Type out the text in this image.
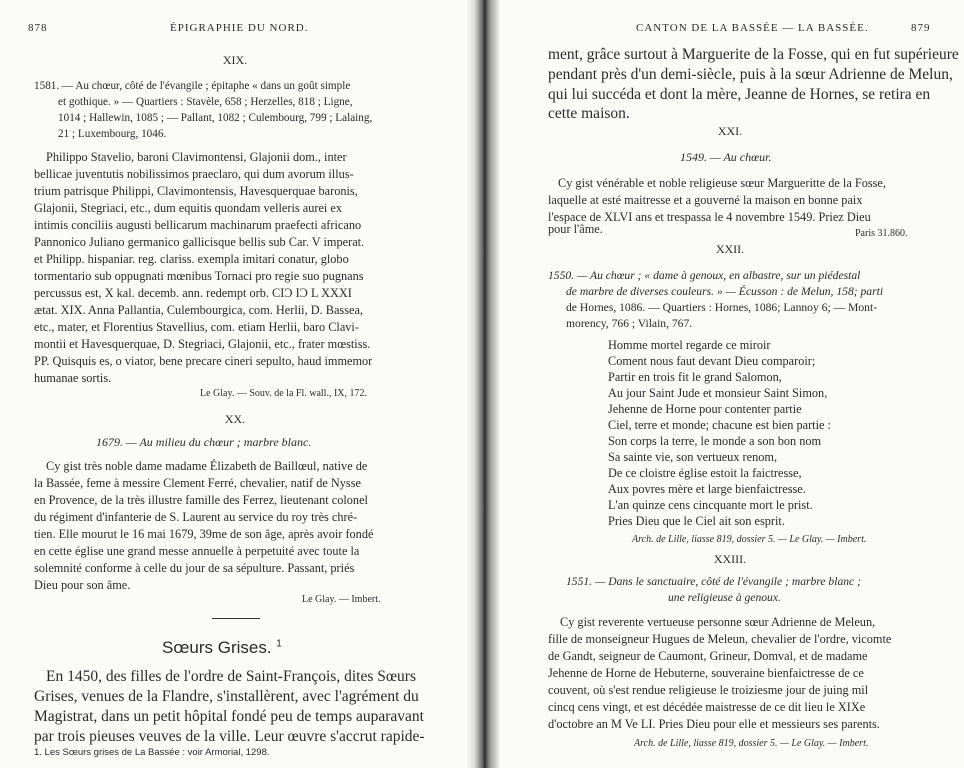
878	ÉPIGRAPHIE DU NORD.
XIX.
1581. — Au chœur, côté de l'évangile ; épitaphe « dans un goût simple
et gothique. » — Quartiers : Stavèle, 658 ; Herzelles, 818 ; Ligne,
1014 ; Hallewin, 1085 ; — Pallant, 1082 ; Culembourg, 799 ; Lalaing,
21 ; Luxembourg, 1046.
Philippo Stavelio, baroni Clavimontensi, Glajonii dom., inter
bellicae juventutis nobilissimos praeclaro, qui dum avorum illus-
trium patrisque Philippi, Clavimontensis, Havesquerquae baronis,
Glajonii, Stegriaci, etc., dum equitis quondam velleris aurei ex
intimis conciliis augusti bellicarum machinarum praefecti africano
Pannonico Juliano germanico gallicisque bellis sub Car. V imperat.
et Philipp. hispaniar. reg. clariss. exempla imitari conatur, globo
tormentario sub oppugnati mœnibus Tornaci pro regie suo pugnans
percussus est, X kal. decemb. ann. redempt orb. CIƆ IƆ L XXXI
ætat. XIX. Anna Pallantia, Culembourgica, com. Herlii, D. Bassea,
etc., mater, et Florentius Stavellius, com. etiam Herlii, baro Clavi-
montii et Havesquerquae, D. Stegriaci, Glajonii, etc., frater mœstiss.
PP. Quisquis es, o viator, bene precare cineri sepulto, haud immemor
humanae sortis.
Le Glay. — Souv. de la Fl. wall., IX, 172.
XX.
1679. — Au milieu du chœur ; marbre blanc.
Cy gist très noble dame madame Élizabeth de Baillœul, native de
la Bassée, feme à messire Clement Ferré, chevalier, natif de Nysse
en Provence, de la très illustre famille des Ferrez, lieutenant colonel
du régiment d'infanterie de S. Laurent au service du roy très chré-
tien. Elle mourut le 16 mai 1679, 39me de son âge, après avoir fondé
en cette église une grand messe annuelle à perpetuité avec toute la
solemnité conforme à celle du jour de sa sépulture. Passant, priés
Dieu pour son âme.
Le Glay. — Imbert.
Sœurs Grises. $^1$
En 1450, des filles de l'ordre de Saint-François, dites Sœurs
Grises, venues de la Flandre, s'installèrent, avec l'agrément du
Magistrat, dans un petit hôpital fondé peu de temps auparavant
par trois pieuses veuves de la ville. Leur œuvre s'accrut rapide-
1. Les Sœurs grises de La Bassée : voir Armorial, 1298.
CANTON DE LA BASSÉE — LA BASSÉE.	879
ment, grâce surtout à Marguerite de la Fosse, qui en fut supérieure
pendant près d'un demi-siècle, puis à la sœur Adrienne de Melun,
qui lui succéda et dont la mère, Jeanne de Hornes, se retira en
cette maison.
XXI.
1549. — Au chœur.
Cy gist vénérable et noble religieuse sœur Margueritte de la Fosse,
laquelle at esté maitresse et a gouverné la maison en bonne paix
l'espace de XLVI ans et trespassa le 4 novembre 1549. Priez Dieu
pour l'âme.	Paris 31.860.
XXII.
1550. — Au chœur ; « dame à genoux, en albastre, sur un piédestal
de marbre de diverses couleurs. » — Écusson : de Melun, 158; parti
de Hornes, 1086. — Quartiers : Hornes, 1086; Lannoy 6; — Mont-
morency, 766 ; Vilain, 767.
Homme mortel regarde ce miroir
Coment nous faut devant Dieu comparoir;
Partir en trois fit le grand Salomon,
Au jour Saint Jude et monsieur Saint Simon,
Jehenne de Horne pour contenter partie
Ciel, terre et monde; chacune est bien partie :
Son corps la terre, le monde a son bon nom
Sa sainte vie, son vertueux renom,
De ce cloistre église estoit la faictresse,
Aux povres mère et large bienfaictresse.
L'an quinze cens cincquante mort le prist.
Pries Dieu que le Ciel ait son esprit.
Arch. de Lille, liasse 819, dossier 5. — Le Glay. — Imbert.
XXIII.
1551. — Dans le sanctuaire, côté de l'évangile ; marbre blanc ;
une religieuse à genoux.
Cy gist reverente vertueuse personne sœur Adrienne de Meleun,
fille de monseigneur Hugues de Meleun, chevalier de l'ordre, vicomte
de Gandt, seigneur de Caumont, Grineur, Domval, et de madame
Jehenne de Horne de Hebuterne, souveraine bienfaictresse de ce
couvent, où s'est rendue religieuse le troiziesme jour de juing mil
cincq cens vingt, et est décédée maistresse de ce dit lieu le XIXe
d'octobre an M Ve LI. Pries Dieu pour elle et messieurs ses parents.
Arch. de Lille, liasse 819, dossier 5. — Le Glay. — Imbert.
